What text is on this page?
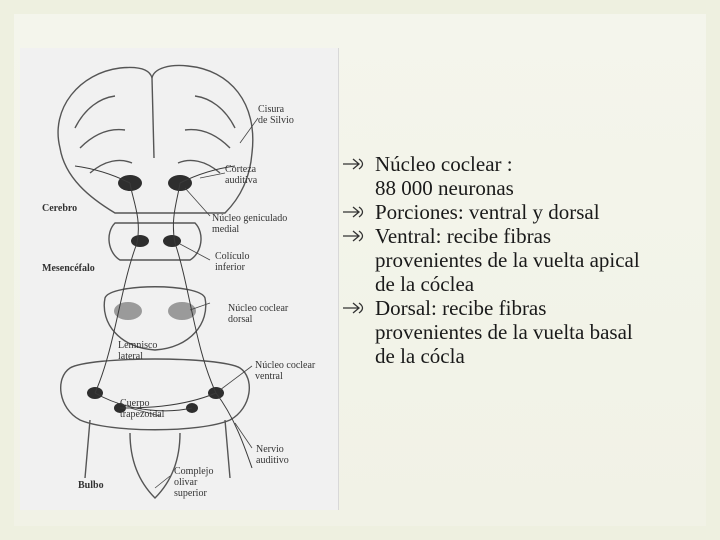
Cisura
de Silvio
Corteza
auditiva
Cerebro
Núcleo geniculado
medial
Mesencéfalo
Colículo
inferior
Núcleo coclear
dorsal
Lemnisco
lateral
Núcleo coclear
ventral
Cuerpo
trapezoidal
Nervio
auditivo
Bulbo
Complejo
olivar
superior

Núcleo coclear :
88 000 neuronas

Porciones: ventral y dorsal

Ventral: recibe fibras
provenientes de la vuelta apical
de la cóclea

Dorsal: recibe fibras
provenientes de la vuelta basal
de la cócla
